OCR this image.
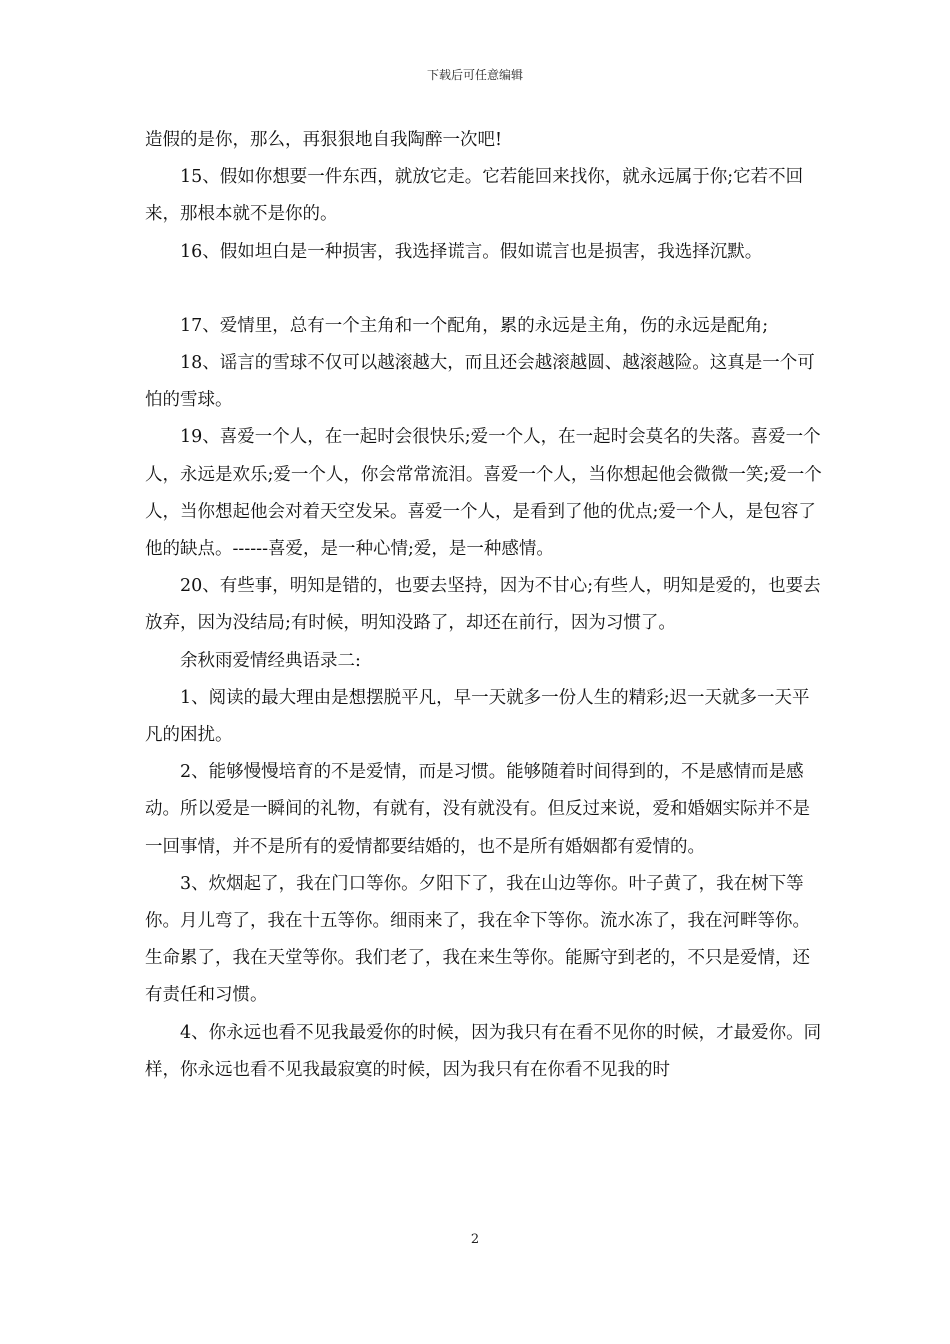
下载后可任意编辑

造假的是你，那么，再狠狠地自我陶醉一次吧!

15、假如你想要一件东西，就放它走。它若能回来找你，就永远属于你;它若不回来，那根本就不是你的。

16、假如坦白是一种损害，我选择谎言。假如谎言也是损害，我选择沉默。

17、爱情里，总有一个主角和一个配角，累的永远是主角，伤的永远是配角;

18、谣言的雪球不仅可以越滚越大，而且还会越滚越圆、越滚越险。这真是一个可怕的雪球。

19、喜爱一个人，在一起时会很快乐;爱一个人，在一起时会莫名的失落。喜爱一个人，永远是欢乐;爱一个人，你会常常流泪。喜爱一个人，当你想起他会微微一笑;爱一个人，当你想起他会对着天空发呆。喜爱一个人，是看到了他的优点;爱一个人，是包容了他的缺点。------喜爱，是一种心情;爱，是一种感情。

20、有些事，明知是错的，也要去坚持，因为不甘心;有些人，明知是爱的，也要去放弃，因为没结局;有时候，明知没路了，却还在前行，因为习惯了。

余秋雨爱情经典语录二:

1、阅读的最大理由是想摆脱平凡，早一天就多一份人生的精彩;迟一天就多一天平凡的困扰。

2、能够慢慢培育的不是爱情，而是习惯。能够随着时间得到的，不是感情而是感动。所以爱是一瞬间的礼物，有就有，没有就没有。但反过来说，爱和婚姻实际并不是一回事情，并不是所有的爱情都要结婚的，也不是所有婚姻都有爱情的。

3、炊烟起了，我在门口等你。夕阳下了，我在山边等你。叶子黄了，我在树下等你。月儿弯了，我在十五等你。细雨来了，我在伞下等你。流水冻了，我在河畔等你。生命累了，我在天堂等你。我们老了，我在来生等你。能厮守到老的，不只是爱情，还有责任和习惯。

4、你永远也看不见我最爱你的时候，因为我只有在看不见你的时候，才最爱你。同样，你永远也看不见我最寂寞的时候，因为我只有在你看不见我的时

2
